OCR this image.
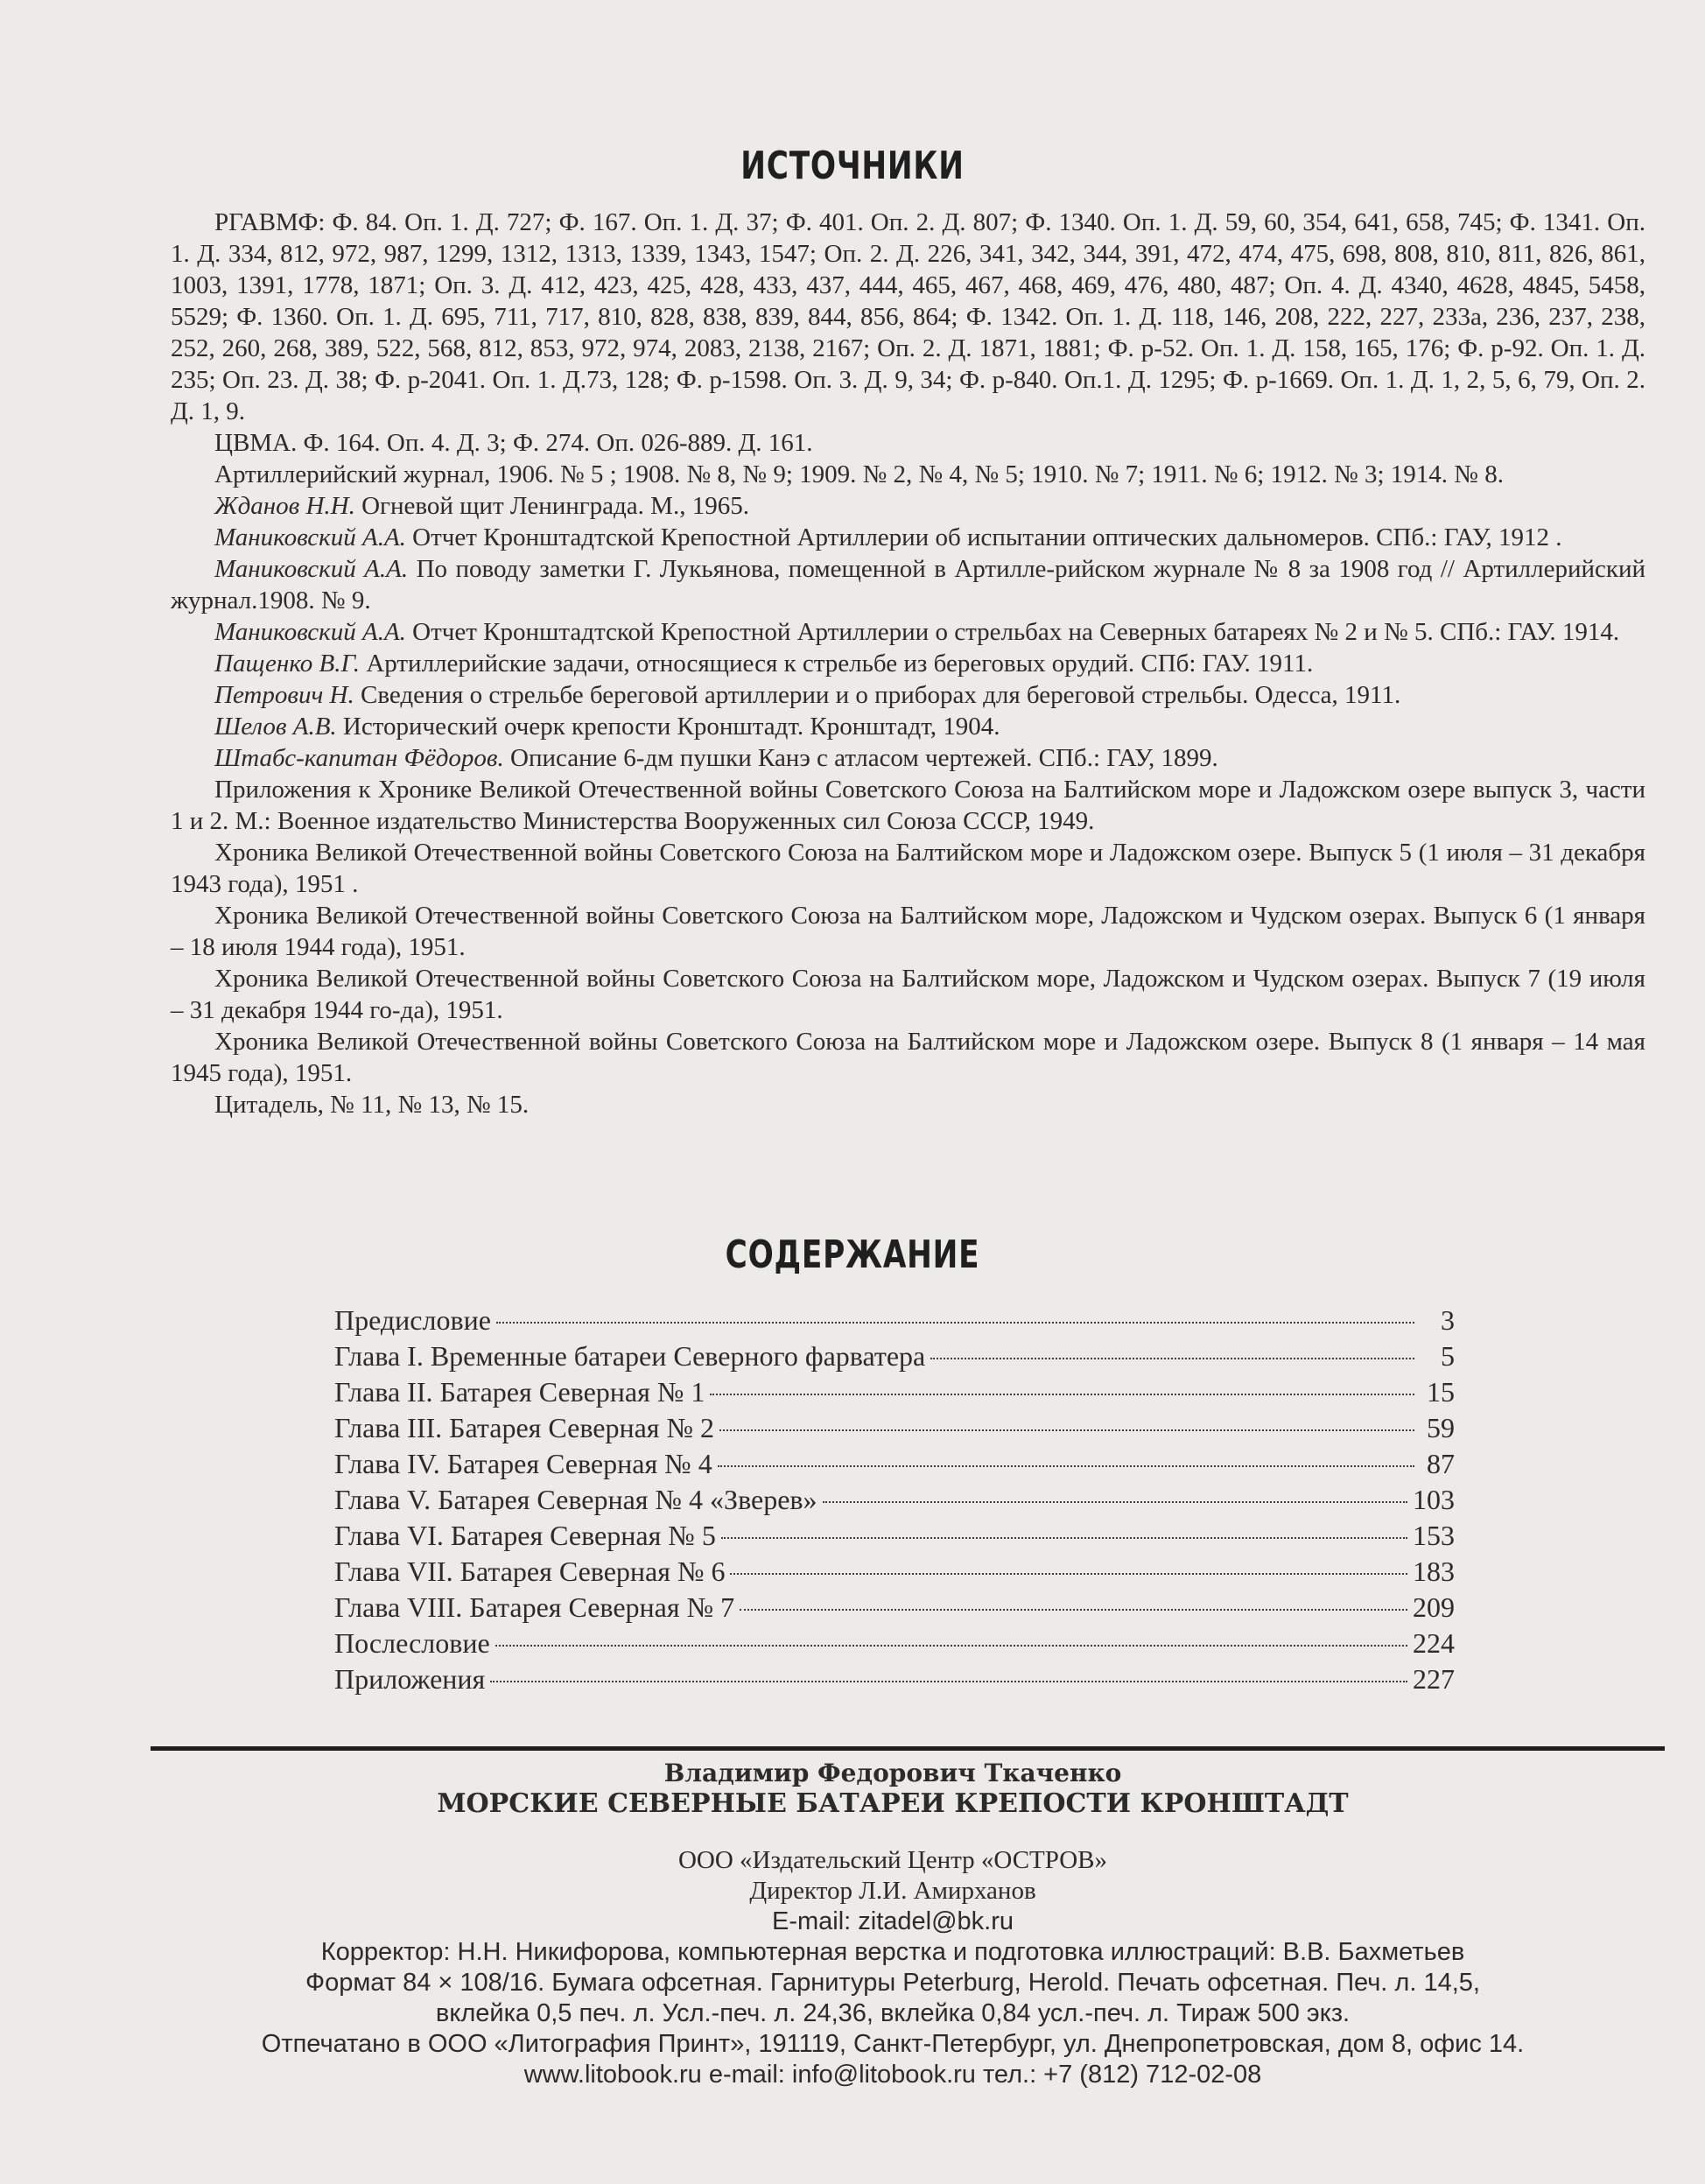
ИСТОЧНИКИ

РГАВМФ: Ф. 84. Оп. 1. Д. 727; Ф. 167. Оп. 1. Д. 37; Ф. 401. Оп. 2. Д. 807; Ф. 1340. Оп. 1. Д. 59, 60, 354, 641, 658, 745; Ф. 1341. Оп. 1. Д. 334, 812, 972, 987, 1299, 1312, 1313, 1339, 1343, 1547; Оп. 2. Д. 226, 341, 342, 344, 391, 472, 474, 475, 698, 808, 810, 811, 826, 861, 1003, 1391, 1778, 1871; Оп. 3. Д. 412, 423, 425, 428, 433, 437, 444, 465, 467, 468, 469, 476, 480, 487; Оп. 4. Д. 4340, 4628, 4845, 5458, 5529; Ф. 1360. Оп. 1. Д. 695, 711, 717, 810, 828, 838, 839, 844, 856, 864; Ф. 1342. Оп. 1. Д. 118, 146, 208, 222, 227, 233а, 236, 237, 238, 252, 260, 268, 389, 522, 568, 812, 853, 972, 974, 2083, 2138, 2167; Оп. 2. Д. 1871, 1881; Ф. р-52. Оп. 1. Д. 158, 165, 176; Ф. р-92. Оп. 1. Д. 235; Оп. 23. Д. 38; Ф. р-2041. Оп. 1. Д.73, 128; Ф. р-1598. Оп. 3. Д. 9, 34; Ф. р-840. Оп.1. Д. 1295; Ф. р-1669. Оп. 1. Д. 1, 2, 5, 6, 79, Оп. 2. Д. 1, 9.

ЦВМА. Ф. 164. Оп. 4. Д. 3; Ф. 274. Оп. 026-889. Д. 161.

Артиллерийский журнал, 1906. № 5 ; 1908. № 8, № 9; 1909. № 2, № 4, № 5; 1910. № 7; 1911. № 6; 1912. № 3; 1914. № 8.

Жданов Н.Н. Огневой щит Ленинграда. М., 1965.

Маниковский А.А. Отчет Кронштадтской Крепостной Артиллерии об испытании оптических дальномеров. СПб.: ГАУ, 1912 .

Маниковский А.А. По поводу заметки Г. Лукьянова, помещенной в Артилле-рийском журнале № 8 за 1908 год // Артиллерийский журнал.1908. № 9.

Маниковский А.А. Отчет Кронштадтской Крепостной Артиллерии о стрельбах на Северных батареях № 2 и № 5. СПб.: ГАУ. 1914.

Пащенко В.Г. Артиллерийские задачи, относящиеся к стрельбе из береговых орудий. СПб: ГАУ. 1911.

Петрович Н. Сведения о стрельбе береговой артиллерии и о приборах для береговой стрельбы. Одесса, 1911.

Шелов А.В. Исторический очерк крепости Кронштадт. Кронштадт, 1904.

Штабс-капитан Фёдоров. Описание 6-дм пушки Канэ с атласом чертежей. СПб.: ГАУ, 1899.

Приложения к Хронике Великой Отечественной войны Советского Союза на Балтийском море и Ладожском озере выпуск 3, части 1 и 2. М.: Военное издательство Министерства Вооруженных сил Союза СССР, 1949.

Хроника Великой Отечественной войны Советского Союза на Балтийском море и Ладожском озере. Выпуск 5 (1 июля – 31 декабря 1943 года), 1951 .

Хроника Великой Отечественной войны Советского Союза на Балтийском море, Ладожском и Чудском озерах. Выпуск 6 (1 января – 18 июля 1944 года), 1951.

Хроника Великой Отечественной войны Советского Союза на Балтийском море, Ладожском и Чудском озерах. Выпуск 7 (19 июля – 31 декабря 1944 го-да), 1951.

Хроника Великой Отечественной войны Советского Союза на Балтийском море и Ладожском озере. Выпуск 8 (1 января – 14 мая 1945 года), 1951.

Цитадель, № 11, № 13, № 15.

СОДЕРЖАНИЕ
Предисловие	3
Глава I. Временные батареи Северного фарватера	5
Глава II. Батарея Северная № 1	15
Глава III. Батарея Северная № 2	59
Глава IV. Батарея Северная № 4	87
Глава V. Батарея Северная № 4 «Зверев»	103
Глава VI. Батарея Северная № 5	153
Глава VII. Батарея Северная № 6	183
Глава VIII. Батарея Северная № 7	209
Послесловие	224
Приложения	227
Владимир Федорович Ткаченко
МОРСКИЕ СЕВЕРНЫЕ БАТАРЕИ КРЕПОСТИ КРОНШТАДТ
ООО «Издательский Центр «ОСТРОВ»
Директор Л.И. Амирханов
E-mail: zitadel@bk.ru
Корректор: Н.Н. Никифорова, компьютерная верстка и подготовка иллюстраций: В.В. Бахметьев
Формат 84 × 108/16. Бумага офсетная. Гарнитуры Peterburg, Herold. Печать офсетная. Печ. л. 14,5,
вклейка 0,5 печ. л. Усл.-печ. л. 24,36, вклейка 0,84 усл.-печ. л. Тираж 500 экз.
Отпечатано в ООО «Литография Принт», 191119, Санкт-Петербург, ул. Днепропетровская, дом 8, офис 14.
www.litobook.ru e-mail: info@litobook.ru тел.: +7 (812) 712-02-08
